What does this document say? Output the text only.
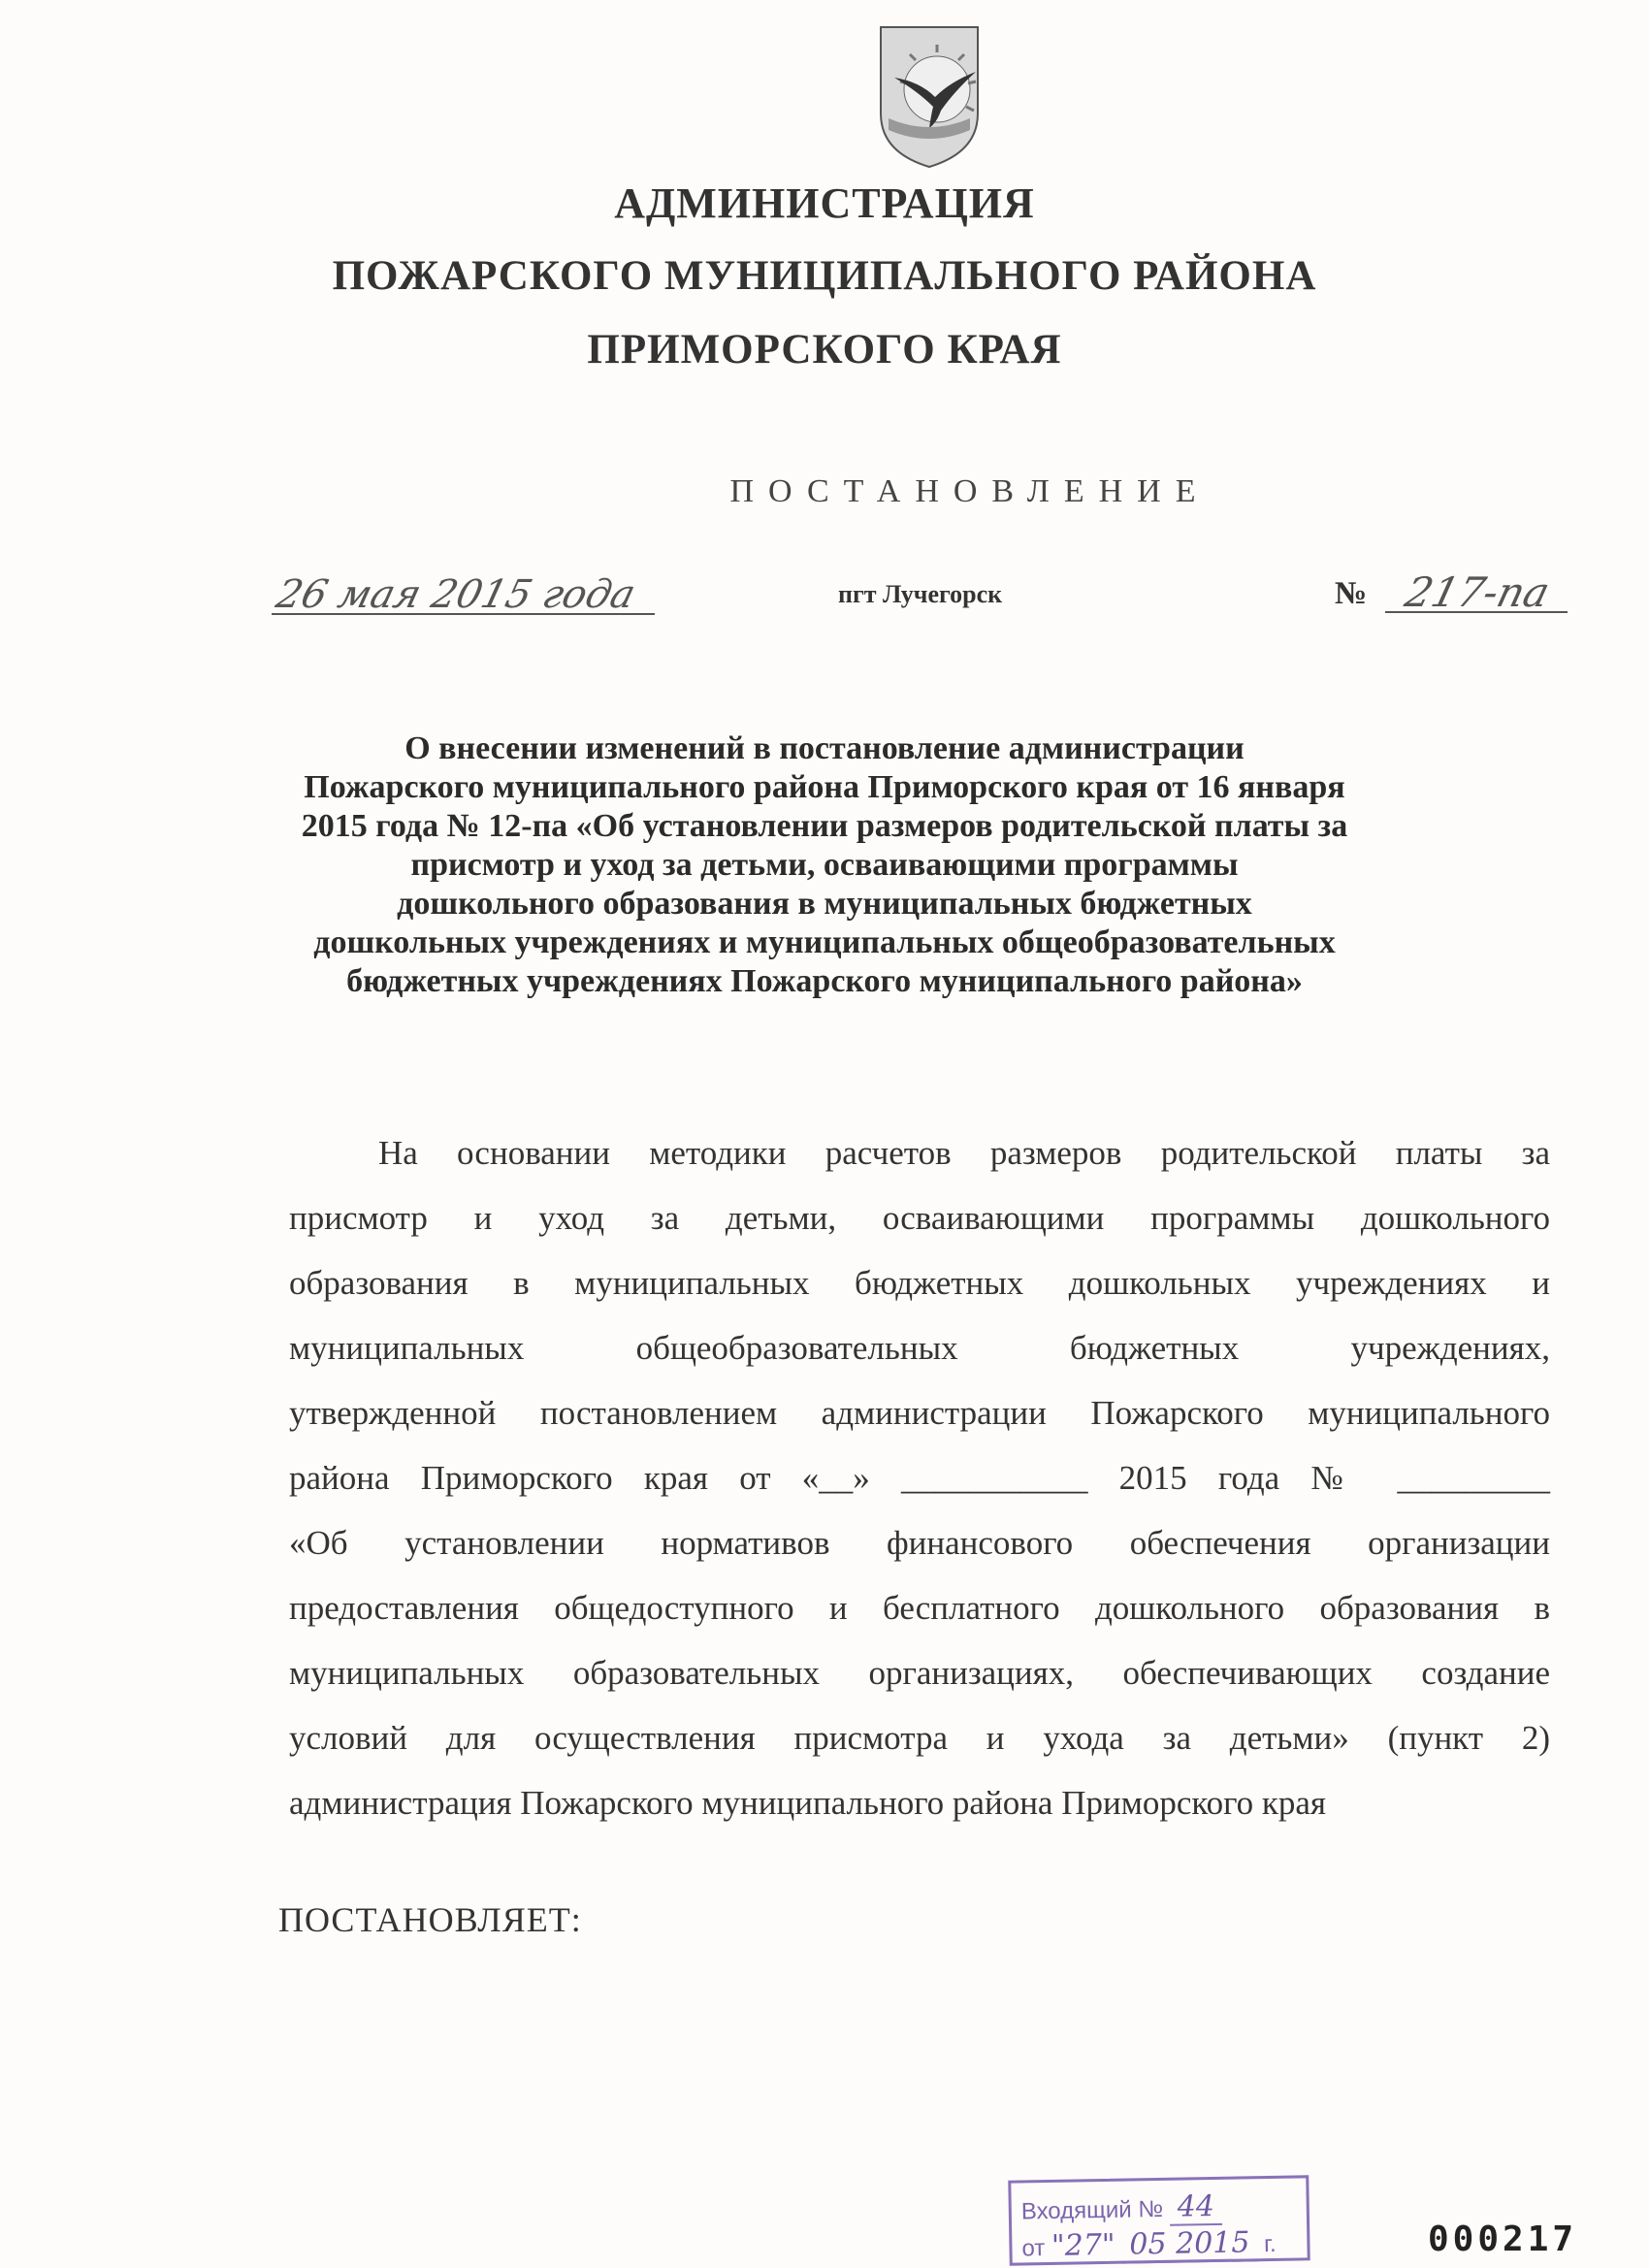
АДМИНИСТРАЦИЯ
ПОЖАРСКОГО МУНИЦИПАЛЬНОГО РАЙОНА
ПРИМОРСКОГО КРАЯ
ПОСТАНОВЛЕНИЕ
26 мая 2015 года	пгт Лучегорск	№ 217-па
О внесении изменений в постановление администрации
Пожарского муниципального района Приморского края от 16 января
2015 года № 12-па «Об установлении размеров родительской платы за
присмотр и уход за детьми, осваивающими программы
дошкольного образования в муниципальных бюджетных
дошкольных учреждениях и муниципальных общеобразовательных
бюджетных учреждениях Пожарского муниципального района»
На основании методики расчетов размеров родительской платы за
присмотр и уход за детьми, осваивающими программы дошкольного
образования в муниципальных бюджетных дошкольных учреждениях и
муниципальных общеобразовательных бюджетных учреждениях,
утвержденной постановлением администрации Пожарского муниципального
района Приморского края от «__» ___________ 2015 года № _________
«Об установлении нормативов финансового обеспечения организации
предоставления общедоступного и бесплатного дошкольного образования в
муниципальных образовательных организациях, обеспечивающих создание
условий для осуществления присмотра и ухода за детьми» (пункт 2)
администрация Пожарского муниципального района Приморского края
ПОСТАНОВЛЯЕТ:
Входящий № 44
от "27" 05 2015 г.	000217
